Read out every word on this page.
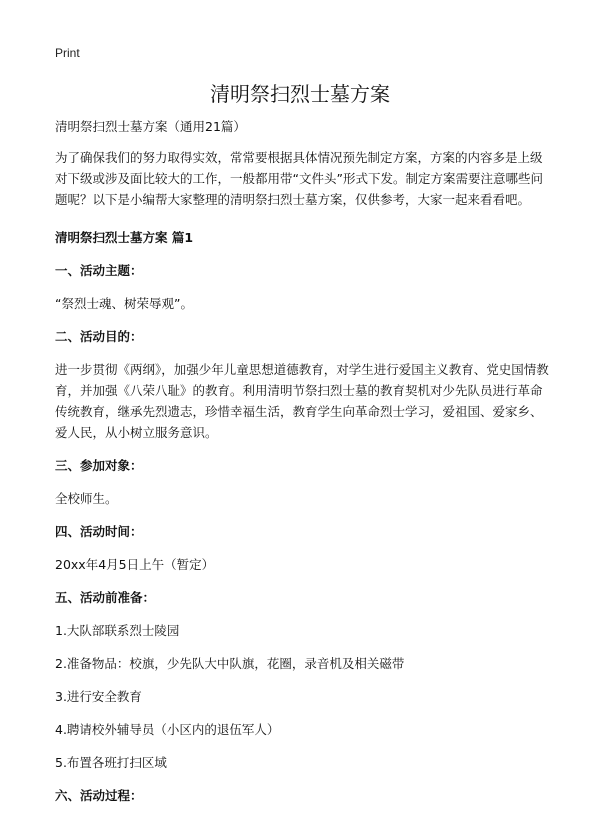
Print
清明祭扫烈士墓方案

清明祭扫烈士墓方案（通用21篇）

为了确保我们的努力取得实效，常常要根据具体情况预先制定方案，方案的内容多是上级对下级或涉及面比较大的工作，一般都用带“文件头”形式下发。制定方案需要注意哪些问题呢？以下是小编帮大家整理的清明祭扫烈士墓方案，仅供参考，大家一起来看看吧。

清明祭扫烈士墓方案 篇1

一、活动主题：

“祭烈士魂、树荣辱观”。

二、活动目的：

进一步贯彻《两纲》，加强少年儿童思想道德教育，对学生进行爱国主义教育、党史国情教育，并加强《八荣八耻》的教育。利用清明节祭扫烈士墓的教育契机对少先队员进行革命传统教育，继承先烈遗志，珍惜幸福生活，教育学生向革命烈士学习，爱祖国、爱家乡、爱人民，从小树立服务意识。

三、参加对象：

全校师生。

四、活动时间：

20xx年4月5日上午（暂定）

五、活动前准备：

1.大队部联系烈士陵园

2.准备物品：校旗，少先队大中队旗，花圈，录音机及相关磁带

3.进行安全教育

4.聘请校外辅导员（小区内的退伍军人）

5.布置各班打扫区域

六、活动过程：
